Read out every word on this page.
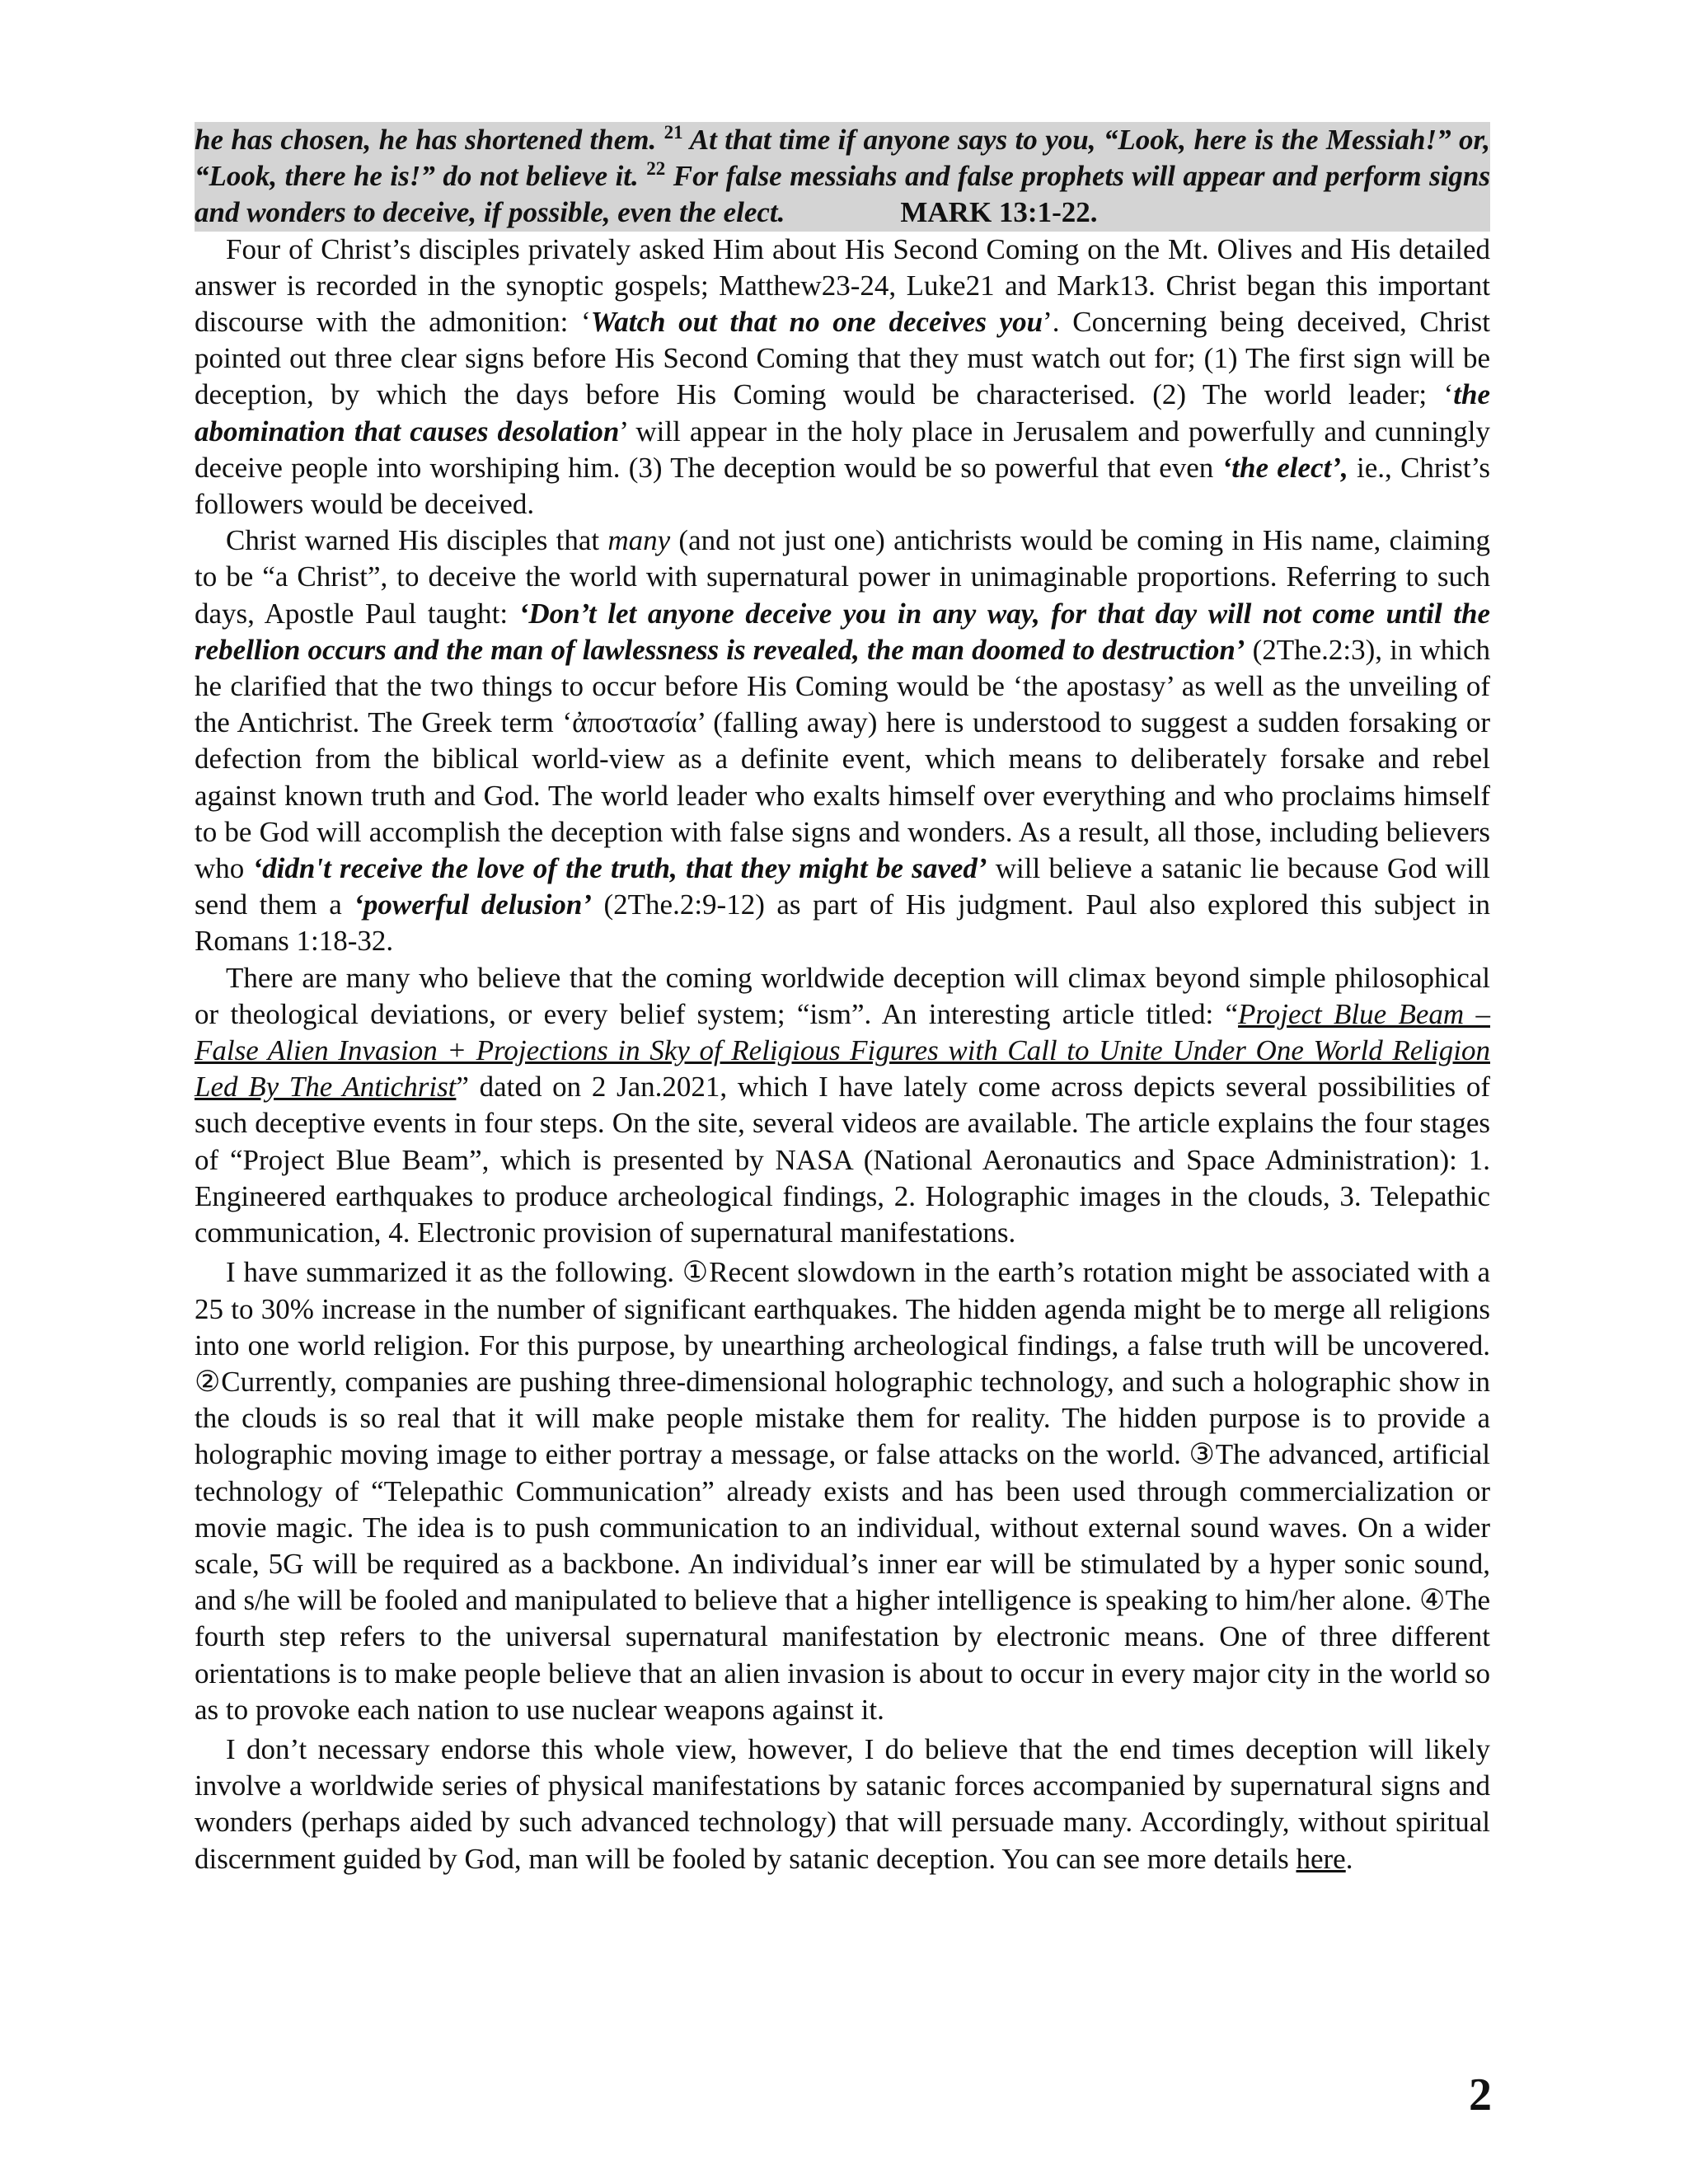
he has chosen, he has shortened them. $^{21}$ At that time if anyone says to you, “Look, here is the Messiah!” or, “Look, there he is!” do not believe it. $^{22}$ For false messiahs and false prophets will appear and perform signs and wonders to deceive, if possible, even the elect.	MARK 13:1-22.

Four of Christ’s disciples privately asked Him about His Second Coming on the Mt. Olives and His detailed answer is recorded in the synoptic gospels; Matthew23-24, Luke21 and Mark13. Christ began this important discourse with the admonition: ‘Watch out that no one deceives you’. Concerning being deceived, Christ pointed out three clear signs before His Second Coming that they must watch out for; (1) The first sign will be deception, by which the days before His Coming would be characterised. (2) The world leader; ‘the abomination that causes desolation’ will appear in the holy place in Jerusalem and powerfully and cunningly deceive people into worshiping him. (3) The deception would be so powerful that even ‘the elect’, ie., Christ’s followers would be deceived.

Christ warned His disciples that many (and not just one) antichrists would be coming in His name, claiming to be “a Christ”, to deceive the world with supernatural power in unimaginable proportions. Referring to such days, Apostle Paul taught: ‘Don’t let anyone deceive you in any way, for that day will not come until the rebellion occurs and the man of lawlessness is revealed, the man doomed to destruction’ (2The.2:3), in which he clarified that the two things to occur before His Coming would be ‘the apostasy’ as well as the unveiling of the Antichrist. The Greek term ‘ἀποστασία’ (falling away) here is understood to suggest a sudden forsaking or defection from the biblical world-view as a definite event, which means to deliberately forsake and rebel against known truth and God. The world leader who exalts himself over everything and who proclaims himself to be God will accomplish the deception with false signs and wonders. As a result, all those, including believers who ‘didn't receive the love of the truth, that they might be saved’ will believe a satanic lie because God will send them a ‘powerful delusion’ (2The.2:9-12) as part of His judgment. Paul also explored this subject in Romans 1:18-32.

There are many who believe that the coming worldwide deception will climax beyond simple philosophical or theological deviations, or every belief system; “ism”. An interesting article titled: “Project Blue Beam – False Alien Invasion + Projections in Sky of Religious Figures with Call to Unite Under One World Religion Led By The Antichrist” dated on 2 Jan.2021, which I have lately come across depicts several possibilities of such deceptive events in four steps. On the site, several videos are available. The article explains the four stages of “Project Blue Beam”, which is presented by NASA (National Aeronautics and Space Administration): 1. Engineered earthquakes to produce archeological findings, 2. Holographic images in the clouds, 3. Telepathic communication, 4. Electronic provision of supernatural manifestations.

I have summarized it as the following. ①Recent slowdown in the earth’s rotation might be associated with a 25 to 30% increase in the number of significant earthquakes. The hidden agenda might be to merge all religions into one world religion. For this purpose, by unearthing archeological findings, a false truth will be uncovered. ②Currently, companies are pushing three-dimensional holographic technology, and such a holographic show in the clouds is so real that it will make people mistake them for reality. The hidden purpose is to provide a holographic moving image to either portray a message, or false attacks on the world. ③The advanced, artificial technology of “Telepathic Communication” already exists and has been used through commercialization or movie magic. The idea is to push communication to an individual, without external sound waves. On a wider scale, 5G will be required as a backbone. An individual’s inner ear will be stimulated by a hyper sonic sound, and s/he will be fooled and manipulated to believe that a higher intelligence is speaking to him/her alone. ④The fourth step refers to the universal supernatural manifestation by electronic means. One of three different orientations is to make people believe that an alien invasion is about to occur in every major city in the world so as to provoke each nation to use nuclear weapons against it.

I don’t necessary endorse this whole view, however, I do believe that the end times deception will likely involve a worldwide series of physical manifestations by satanic forces accompanied by supernatural signs and wonders (perhaps aided by such advanced technology) that will persuade many. Accordingly, without spiritual discernment guided by God, man will be fooled by satanic deception. You can see more details here.

2
